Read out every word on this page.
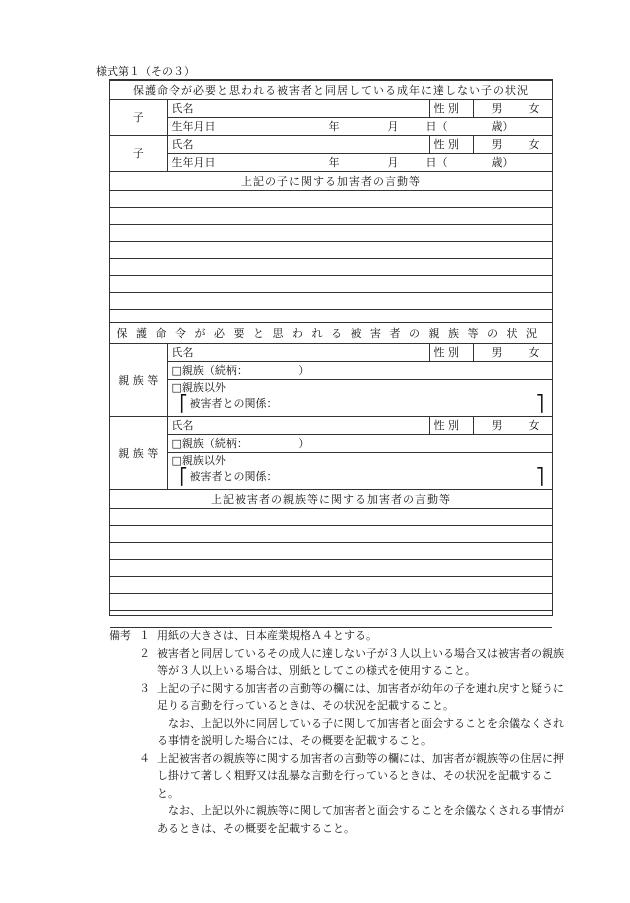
様式第１（その３）
保護命令が必要と思われる被害者と同居している成年に達しない子の状況			
子	氏名	性 別	男 女
	生年月日 年 月 日（ 歳）		

子	氏名	性 別	男 女
	生年月日 年 月 日（ 歳）		

上記の子に関する加害者の言動等			

保護命令が必要と思われる被害者の親族等の状況			
親 族 等	氏名	性 別	男 女
	□親族（続柄： ）		

	□親族以外
⎡ 被害者との関係： ⎤		

親 族 等	氏名	性 別	男 女
	□親族（続柄： ）		

	□親族以外
⎡ 被害者との関係： ⎤		

上記被害者の親族等に関する加害者の言動等			

備考 １ 用紙の大きさは、日本産業規格Ａ４とする。
２ 被害者と同居しているその成人に達しない子が３人以上いる場合又は被害者の親族等が３人以上いる場合は、別紙としてこの様式を使用すること。
３ 上記の子に関する加害者の言動等の欄には、加害者が幼年の子を連れ戻すと疑うに足りる言動を行っているときは、その状況を記載すること。
なお、上記以外に同居している子に関して加害者と面会することを余儀なくされる事情を説明した場合には、その概要を記載すること。
４ 上記被害者の親族等に関する加害者の言動等の欄には、加害者が親族等の住居に押し掛けて著しく粗野又は乱暴な言動を行っているときは、その状況を記載すること。
なお、上記以外に親族等に関して加害者と面会することを余儀なくされる事情があるときは、その概要を記載すること。
